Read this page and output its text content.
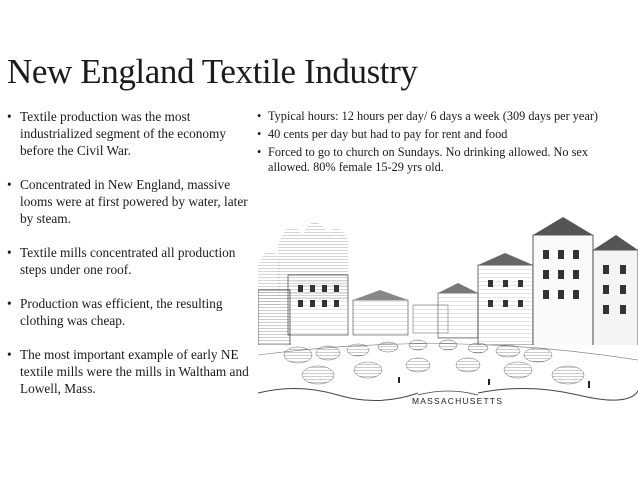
New England Textile Industry
• Textile production was the most industrialized segment of the economy before the Civil War.
• Concentrated in New England, massive looms were at first powered by water, later by steam.
• Textile mills concentrated all production steps under one roof.
• Production was efficient, the resulting clothing was cheap.
• The most important example of early NE textile mills were the mills in Waltham and Lowell, Mass.
• Typical hours: 12 hours per day/ 6 days a week (309 days per year)
• 40 cents per day but had to pay for rent and food
• Forced to go to church on Sundays. No drinking allowed. No sex allowed. 80% female 15-29 yrs old.
MASSACHUSETTS
